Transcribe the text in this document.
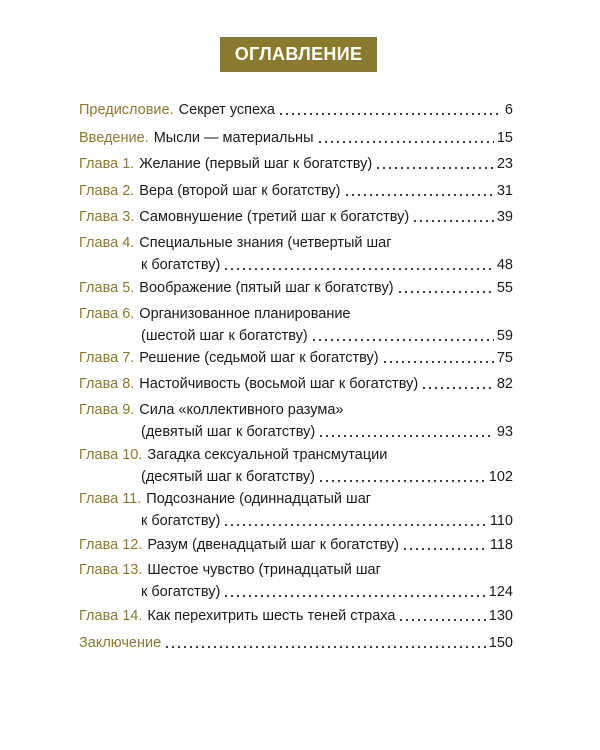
ОГЛАВЛЕНИЕ
Предисловие. Секрет успеха	6
Введение. Мысли — материальны	15
Глава 1. Желание (первый шаг к богатству)	23
Глава 2. Вера (второй шаг к богатству)	31
Глава 3. Самовнушение (третий шаг к богатству)	39
Глава 4. Специальные знания (четвертый шаг
к богатству)	48
Глава 5. Воображение (пятый шаг к богатству)	55
Глава 6. Организованное планирование
(шестой шаг к богатству)	59
Глава 7. Решение (седьмой шаг к богатству)	75
Глава 8. Настойчивость (восьмой шаг к богатству)	82
Глава 9. Сила «коллективного разума»
(девятый шаг к богатству)	93
Глава 10. Загадка сексуальной трансмутации
(десятый шаг к богатству)	102
Глава 11. Подсознание (одиннадцатый шаг
к богатству)	110
Глава 12. Разум (двенадцатый шаг к богатству)	118
Глава 13. Шестое чувство (тринадцатый шаг
к богатству)	124
Глава 14. Как перехитрить шесть теней страха	130
Заключение	150
